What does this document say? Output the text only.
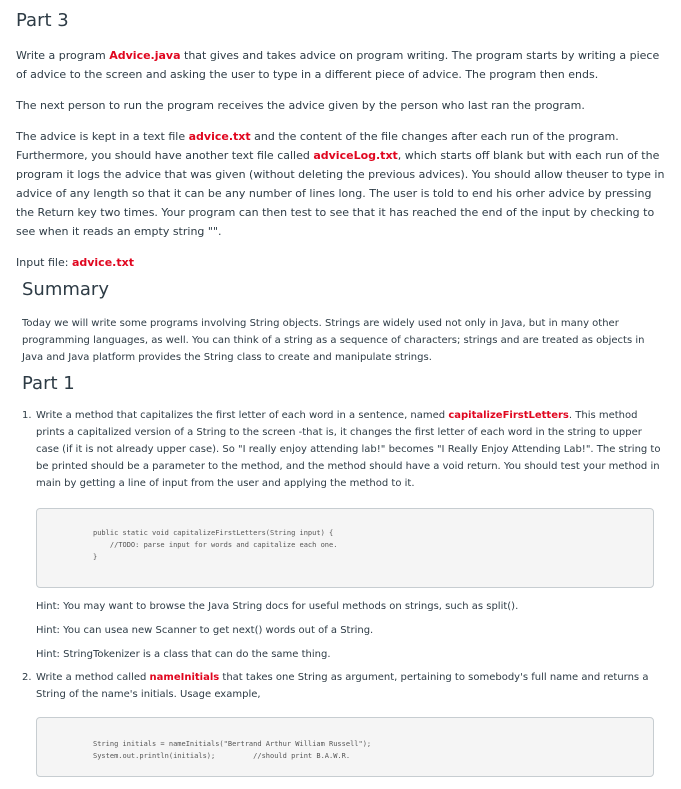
Part 3

Write a program Advice.java that gives and takes advice on program writing. The program starts by writing a piece of advice to the screen and asking the user to type in a different piece of advice. The program then ends.

The next person to run the program receives the advice given by the person who last ran the program.

The advice is kept in a text file advice.txt and the content of the file changes after each run of the program. Furthermore, you should have another text file called adviceLog.txt, which starts off blank but with each run of the program it logs the advice that was given (without deleting the previous advices). You should allow theuser to type in advice of any length so that it can be any number of lines long. The user is told to end his orher advice by pressing the Return key two times. Your program can then test to see that it has reached the end of the input by checking to see when it reads an empty string "".

Input file: advice.txt

Summary

Today we will write some programs involving String objects. Strings are widely used not only in Java, but in many other programming languages, as well. You can think of a string as a sequence of characters; strings and are treated as objects in Java and Java platform provides the String class to create and manipulate strings.

Part 1
1. Write a method that capitalizes the first letter of each word in a sentence, named capitalizeFirstLetters. This method prints a capitalized version of a String to the screen -that is, it changes the first letter of each word in the string to upper case (if it is not already upper case). So "I really enjoy attending lab!" becomes "I Really Enjoy Attending Lab!". The string to be printed should be a parameter to the method, and the method should have a void return. You should test your method in main by getting a line of input from the user and applying the method to it.
public static void capitalizeFirstLetters(String input) {
//TODO: parse input for words and capitalize each one.
}

Hint: You may want to browse the Java String docs for useful methods on strings, such as split().

Hint: You can usea new Scanner to get next() words out of a String.

Hint: StringTokenizer is a class that can do the same thing.

2. Write a method called nameInitials that takes one String as argument, pertaining to somebody's full name and returns a String of the name's initials. Usage example,
String initials = nameInitials("Bertrand Arthur William Russell");
System.out.println(initials);         //should print B.A.W.R.
